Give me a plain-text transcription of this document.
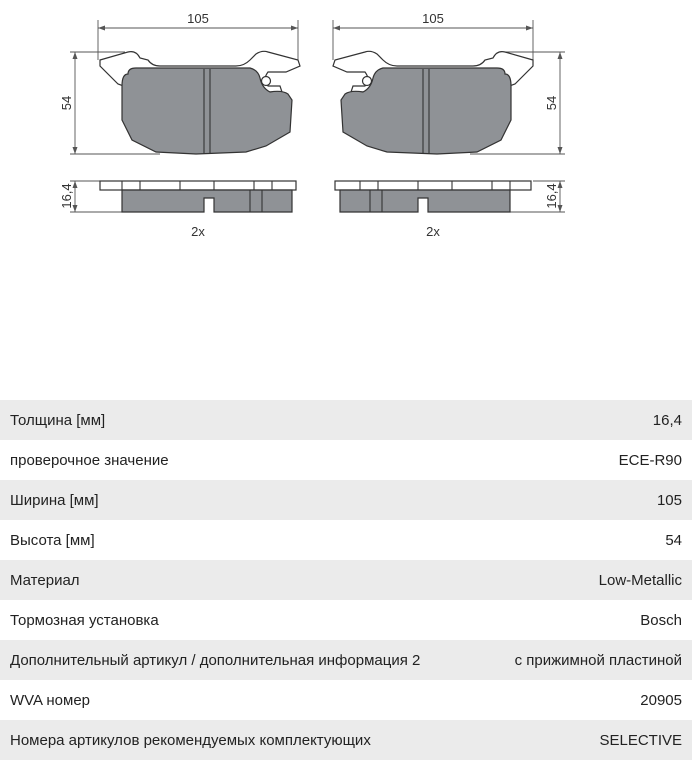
105
54
16,4
2x
105
54
16,4
2x
Толщина [мм]	16,4
проверочное значение	ECE-R90
Ширина [мм]	105
Высота [мм]	54
Материал	Low-Metallic
Тормозная установка	Bosch
Дополнительный артикул / дополнительная информация 2	с прижимной пластиной
WVA номер	20905
Номера артикулов рекомендуемых комплектующих	SELECTIVE
